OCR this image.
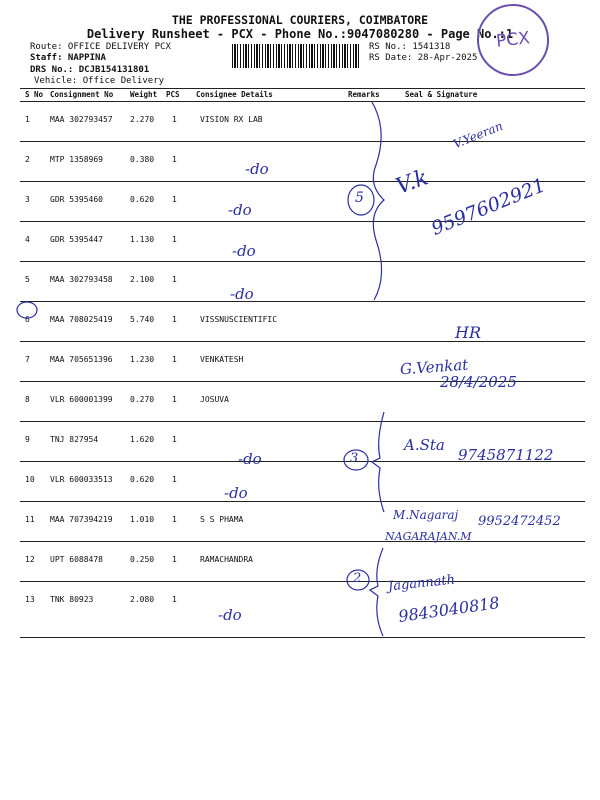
THE PROFESSIONAL COURIERS, COIMBATORE
Delivery Runsheet - PCX - Phone No.:9047080280 - Page No.:1
Route: OFFICE DELIVERY PCX
Staff: NAPPINA
DRS No.: DCJB154131801
Vehicle: Office Delivery
RS No.: 1541318
RS Date: 28-Apr-2025
PCX
S No Consignment No Weight PCS Consignee Details	Remarks	Seal & Signature
1	MAA 302793457 2.270 1	VISION RX LAB
2	MTP 1358969	0.380 1
3	GDR 5395460	0.620 1
4	GDR 5395447	1.130 1
5	MAA 302793458 2.100 1
6	MAA 708025419 5.740 1	VISSNUSCIENTIFIC
7	MAA 705651396 1.230 1	VENKATESH
8	VLR 600001399 0.270 1	JOSUVA
9	TNJ 827954	1.620 1
10 VLR 600033513 0.620 1
11 MAA 707394219 1.010 1	S S PHAMA
12 UPT 6088478	0.250 1	RAMACHANDRA
13 TNK 80923	2.080 1
-do
-do
-do
-do
-do
-do
-do
5
3
2
V.Yeeran
V.k
9597602921
HR
G.Venkat
28/4/2025
A.Sta
9745871122
M.Nagaraj 9952472452
NAGARAJAN.M
Jagannath
9843040818
